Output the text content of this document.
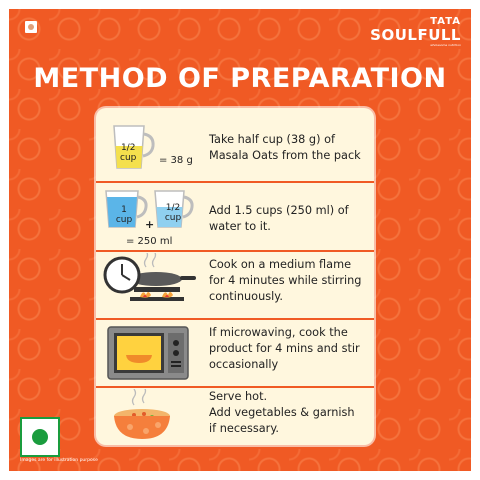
TATA
SOULFULL
wholesome nutrition
METHOD OF PREPARATION
Images are for illustration purpose
1/2
cup = 38 g
Take half cup (38 g) of
Masala Oats from the pack
1
cup	+
1/2
cup
= 250 ml
Add 1.5 cups (250 ml) of
water to it.
Cook on a medium flame
for 4 minutes while stirring
continuously.
If microwaving, cook the
product for 4 mins and stir
occasionally
Serve hot.
Add vegetables & garnish
if necessary.
